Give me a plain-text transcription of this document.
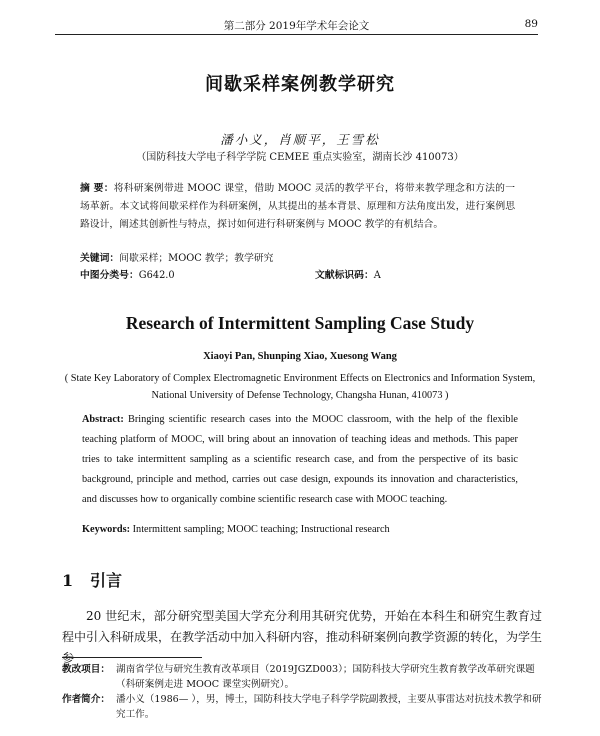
第二部分 2019年学术年会论文	89
间歇采样案例教学研究
潘小义，肖顺平，王雪松
（国防科技大学电子科学学院 CEMEE 重点实验室，湖南长沙 410073）
摘 要：将科研案例带进 MOOC 课堂，借助 MOOC 灵活的教学平台，将带来教学理念和方法的一场革新。本文试将间歇采样作为科研案例，从其提出的基本背景、原理和方法角度出发，进行案例思路设计，阐述其创新性与特点，探讨如何进行科研案例与 MOOC 教学的有机结合。
关键词：间歇采样；MOOC 教学；教学研究
中图分类号：G642.0	文献标识码：A
Research of Intermittent Sampling Case Study
Xiaoyi Pan, Shunping Xiao, Xuesong Wang
( State Key Laboratory of Complex Electromagnetic Environment Effects on Electronics and Information System,
National University of Defense Technology, Changsha Hunan, 410073 )
Abstract: Bringing scientific research cases into the MOOC classroom, with the help of the flexible teaching platform of MOOC, will bring about an innovation of teaching ideas and methods. This paper tries to take intermittent sampling as a scientific research case, and from the perspective of its basic background, principle and method, carries out case design, expounds its innovation and characteristics, and discusses how to organically combine scientific research case with MOOC teaching.
Keywords: Intermittent sampling; MOOC teaching; Instructional research
1 引言
20 世纪末，部分研究型美国大学充分利用其研究优势，开始在本科生和研究生教育过程中引入科研成果，在教学活动中加入科研内容，推动科研案例向教学资源的转化，为学生参
教改项目： 湖南省学位与研究生教育改革项目（2019JGZD003）；国防科技大学研究生教育教学改革研究课题（科研案例走进 MOOC 课堂实例研究）。
作者简介： 潘小义（1986— ），男，博士，国防科技大学电子科学学院副教授，主要从事雷达对抗技术教学和研究工作。
